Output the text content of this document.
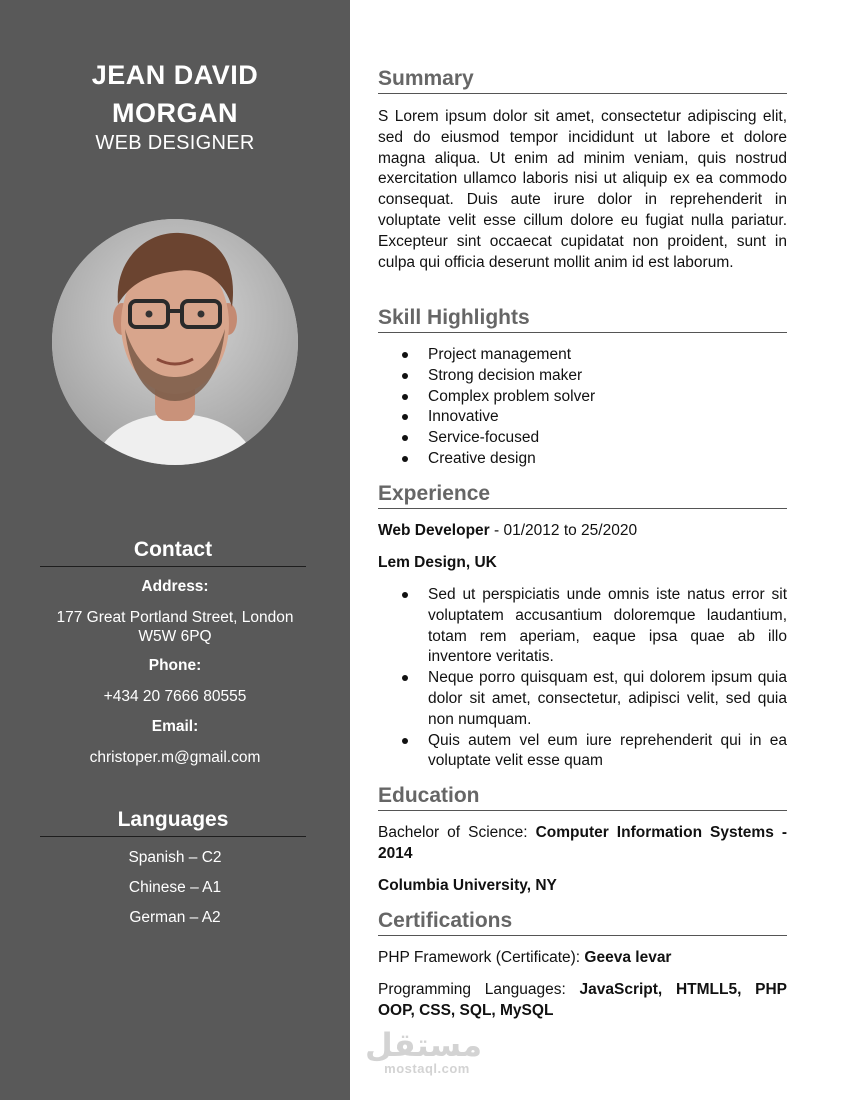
JEAN DAVID
MORGAN
WEB DESIGNER
Contact
Address:
177 Great Portland Street, London
W5W 6PQ
Phone:
+434 20 7666 80555
Email:
christoper.m@gmail.com
Languages
Spanish – C2
Chinese – A1
German – A2
Summary
S Lorem ipsum dolor sit amet, consectetur adipiscing elit, sed do eiusmod tempor incididunt ut labore et dolore magna aliqua. Ut enim ad minim veniam, quis nostrud exercitation ullamco laboris nisi ut aliquip ex ea commodo consequat. Duis aute irure dolor in reprehenderit in voluptate velit esse cillum dolore eu fugiat nulla pariatur. Excepteur sint occaecat cupidatat non proident, sunt in culpa qui officia deserunt mollit anim id est laborum.
Skill Highlights
Project management
Strong decision maker
Complex problem solver
Innovative
Service-focused
Creative design
Experience
Web Developer - 01/2012 to 25/2020
Lem Design, UK
Sed ut perspiciatis unde omnis iste natus error sit voluptatem accusantium doloremque laudantium, totam rem aperiam, eaque ipsa quae ab illo inventore veritatis.
Neque porro quisquam est, qui dolorem ipsum quia dolor sit amet, consectetur, adipisci velit, sed quia non numquam.
Quis autem vel eum iure reprehenderit qui in ea voluptate velit esse quam
Education
Bachelor of Science: Computer Information Systems - 2014
Columbia University, NY
Certifications
PHP Framework (Certificate): Geeva levar
Programming Languages: JavaScript, HTMLL5, PHP OOP, CSS, SQL, MySQL
مستقل
mostaql.com
